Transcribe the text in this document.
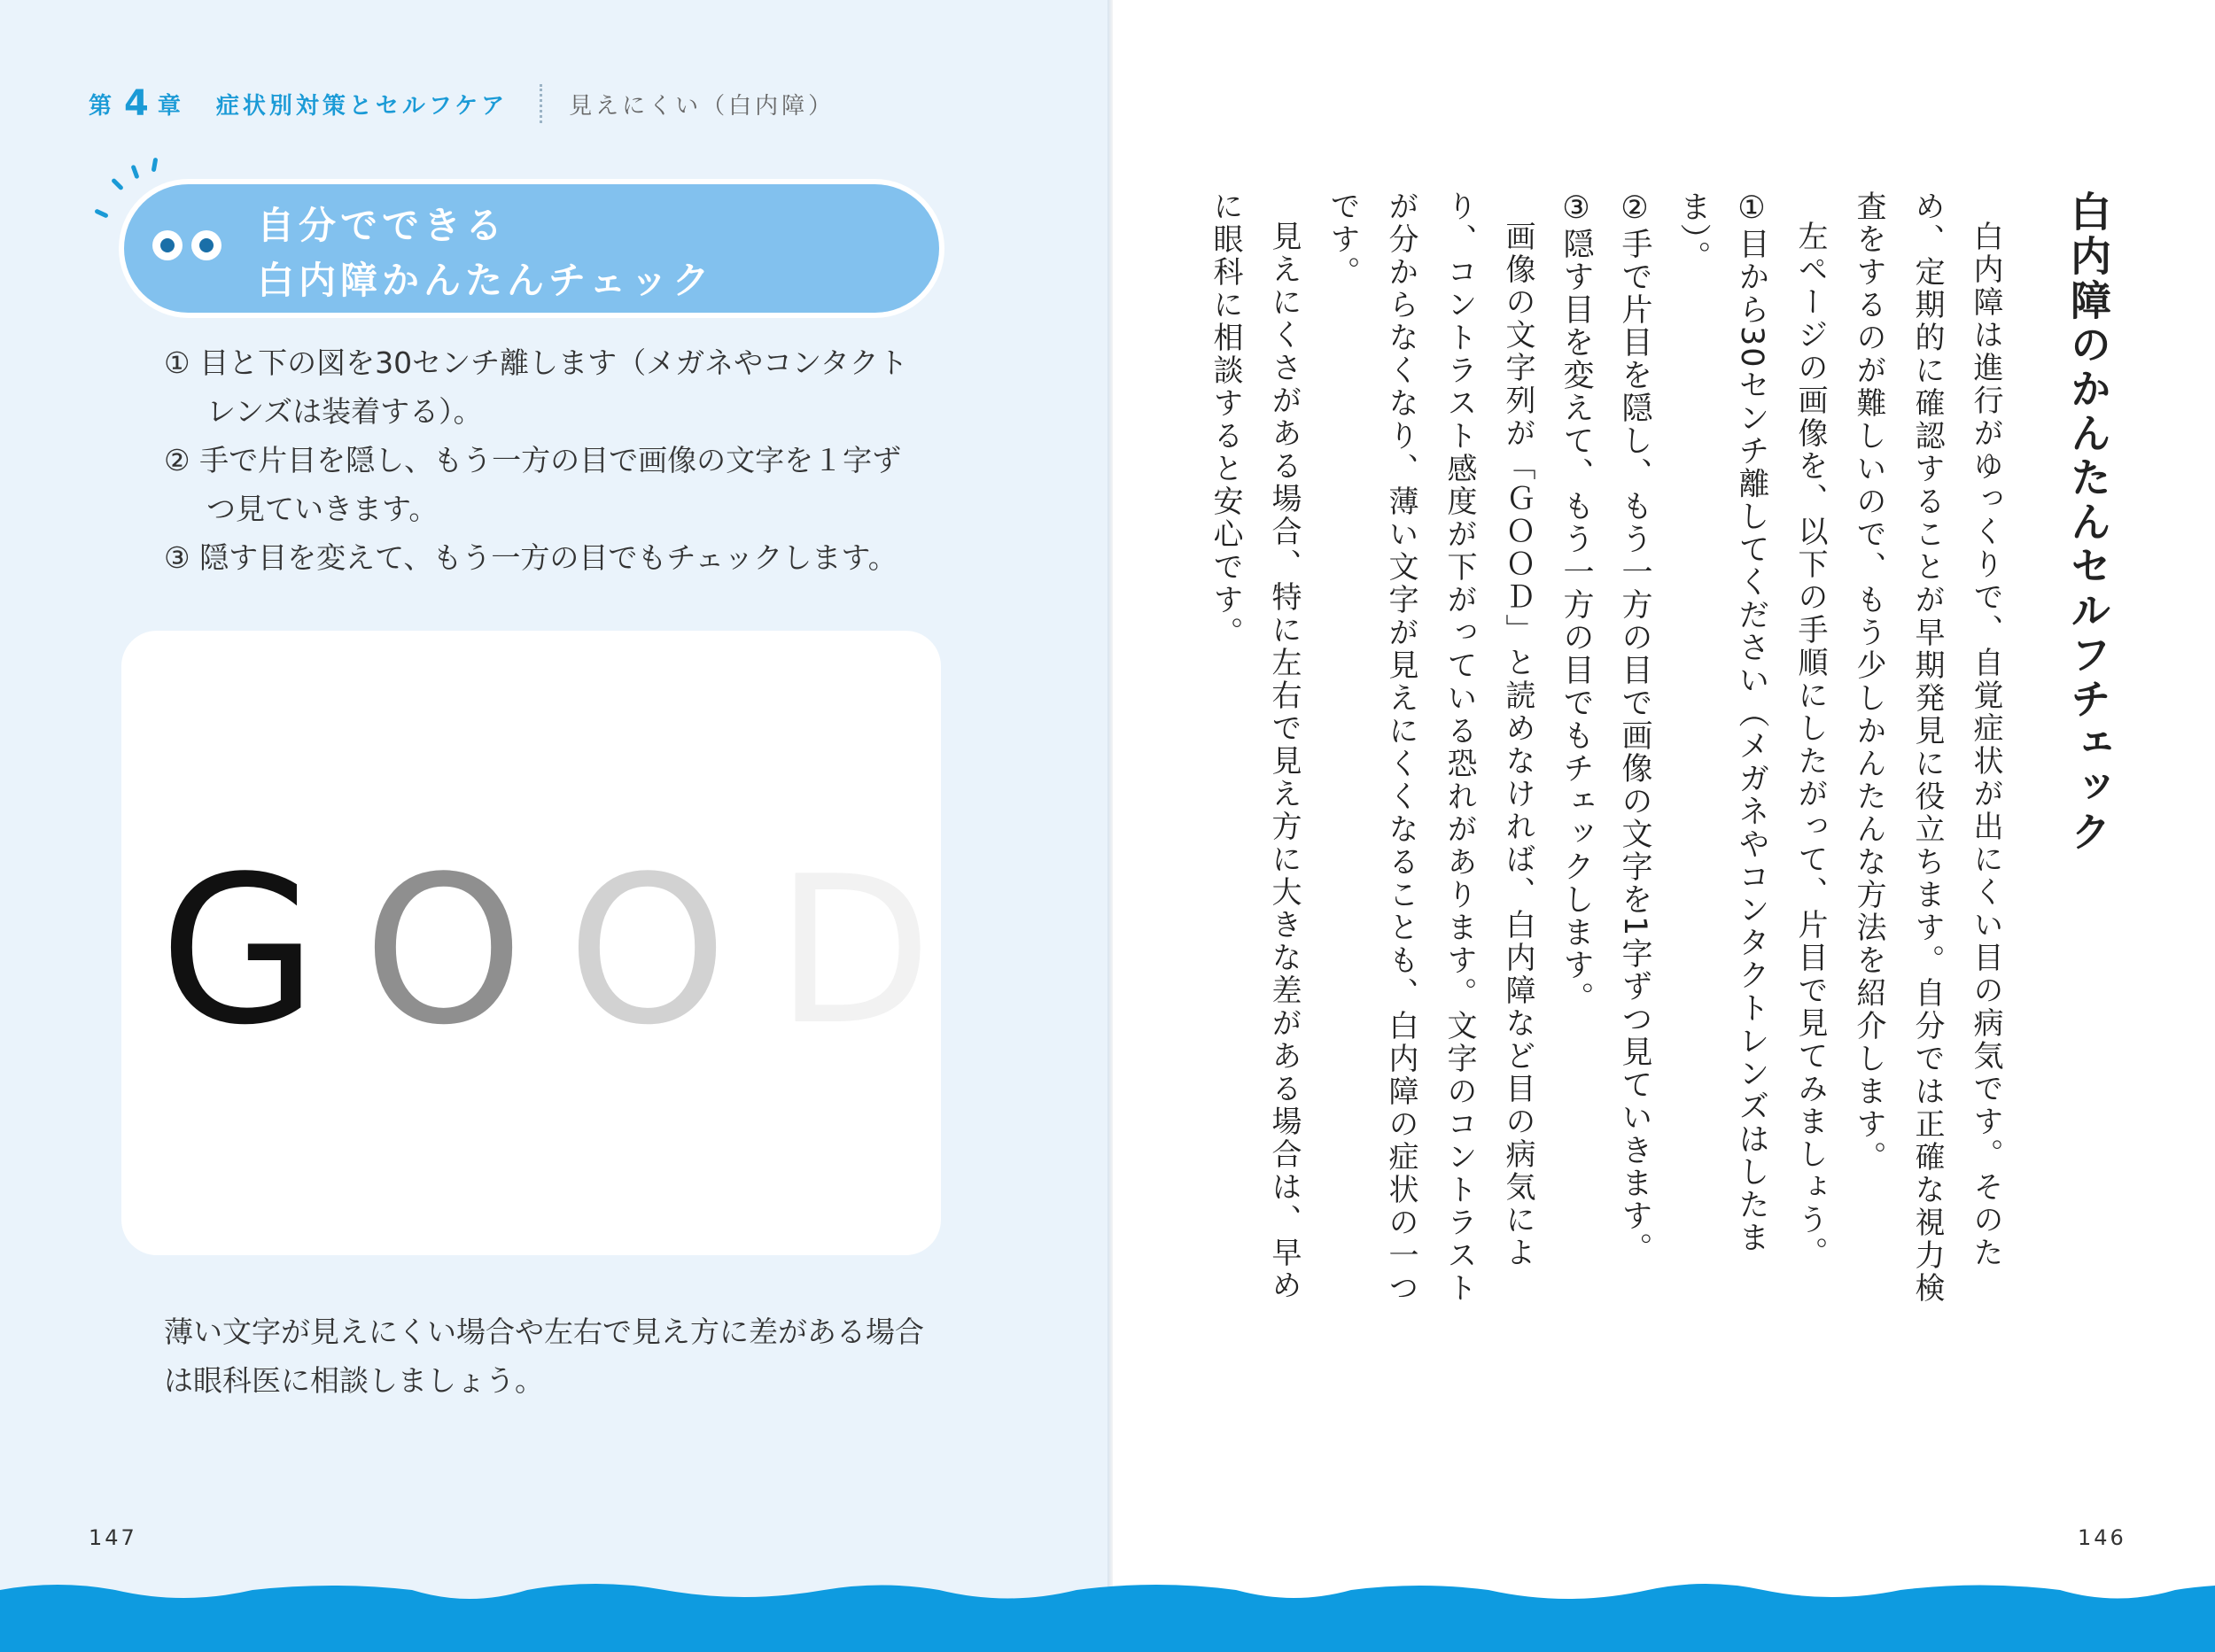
第 4 章 症状別対策とセルフケア	見えにくい（白内障）
自分でできる
白内障かんたんチェック
① 目と下の図を30センチ離します（メガネやコンタクトレンズは装着する）。
② 手で片目を隠し、もう一方の目で画像の文字を１字ずつ見ていきます。
③ 隠す目を変えて、もう一方の目でもチェックします。
G O O D
薄い文字が見えにくい場合や左右で見え方に差がある場合は眼科医に相談しましょう。
147	146
白内障のかんたんセルフチェック
白内障は進行がゆっくりで、自覚症状が出にくい目の病気です。そのため、定期的に確認することが早期発見に役立ちます。自分では正確な視力検査をするのが難しいので、もう少しかんたんな方法を紹介します。
左ページの画像を、以下の手順にしたがって、片目で見てみましょう。
①目から30センチ離してください（メガネやコンタクトレンズはしたまま）。
②手で片目を隠し、もう一方の目で画像の文字を1字ずつ見ていきます。
③隠す目を変えて、もう一方の目でもチェックします。
画像の文字列が「ＧＯＯＤ」と読めなければ、白内障など目の病気により、コントラスト感度が下がっている恐れがあります。文字のコントラストが分からなくなり、薄い文字が見えにくくなることも、白内障の症状の一つです。
見えにくさがある場合、特に左右で見え方に大きな差がある場合は、早めに眼科に相談すると安心です。
